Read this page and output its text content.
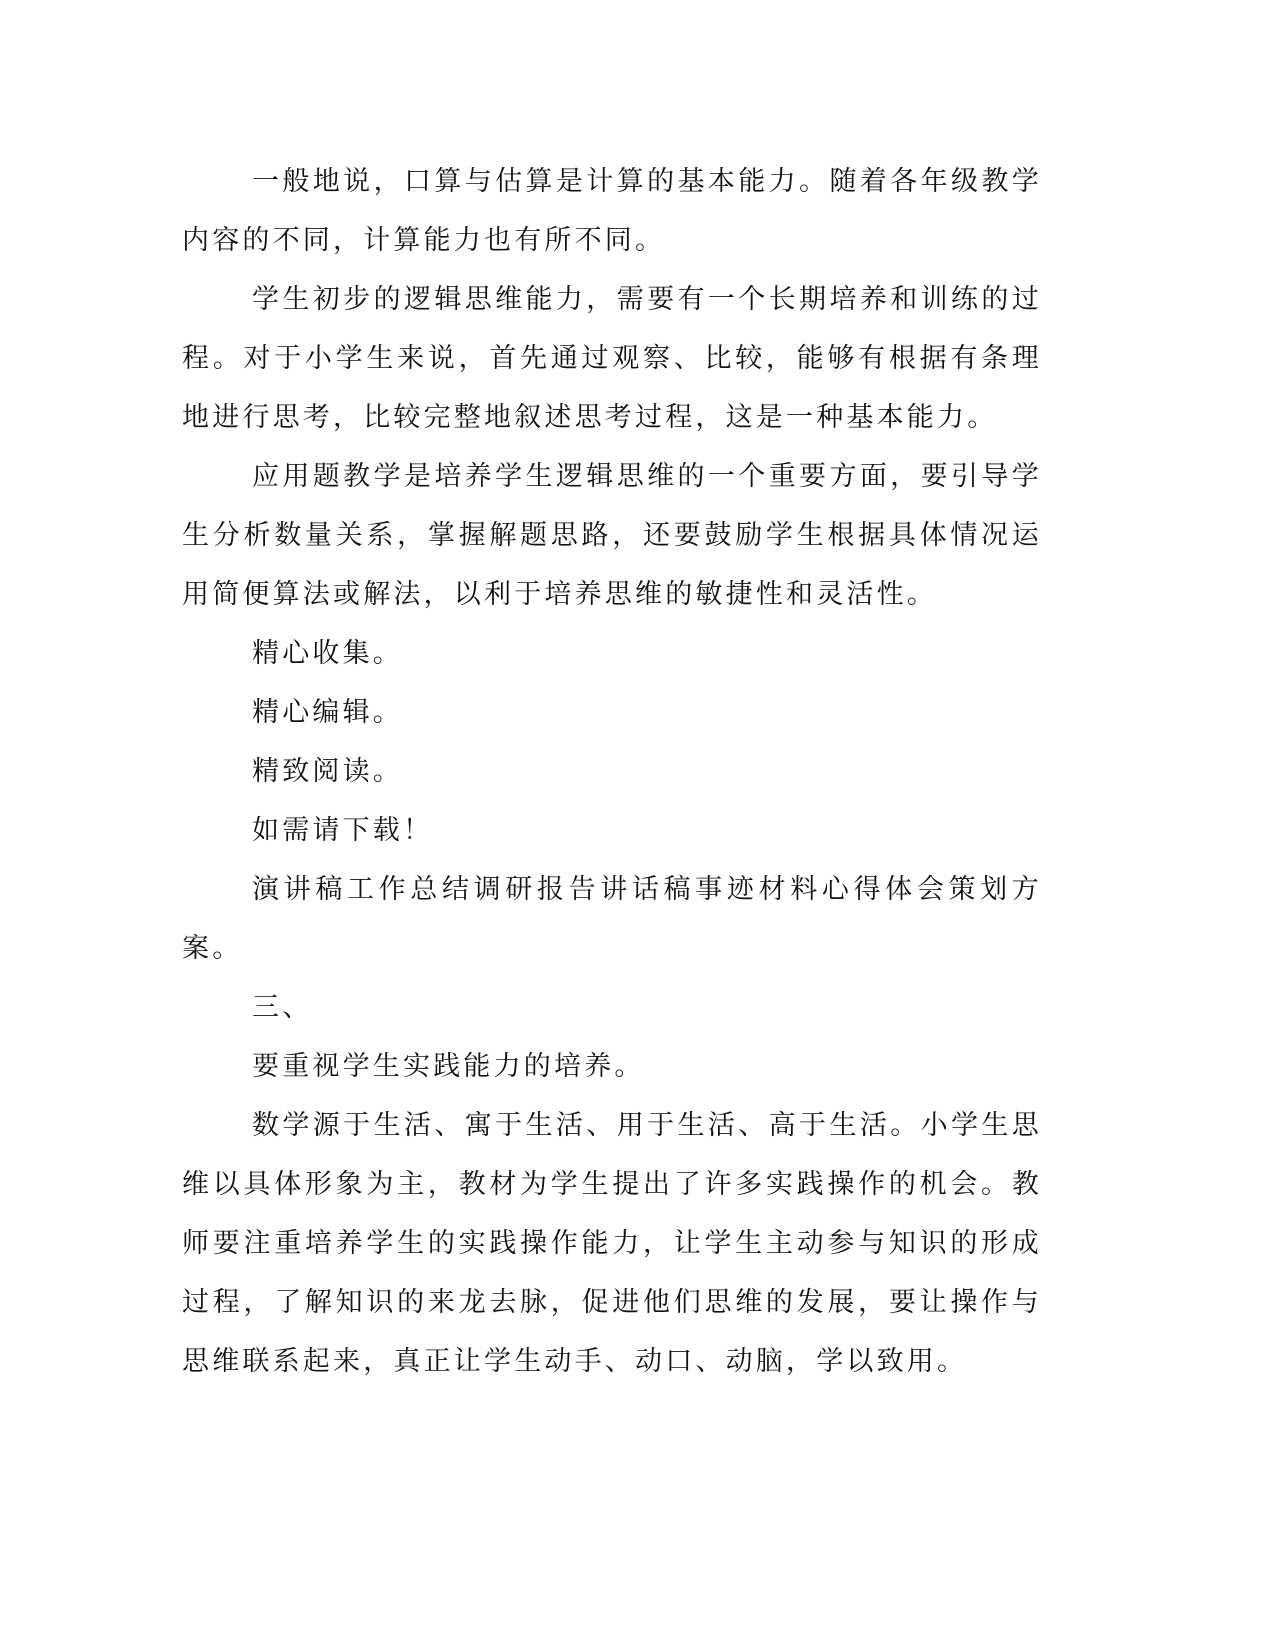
一般地说，口算与估算是计算的基本能力。随着各年级教学内容的不同，计算能力也有所不同。

学生初步的逻辑思维能力，需要有一个长期培养和训练的过程。对于小学生来说，首先通过观察、比较，能够有根据有条理地进行思考，比较完整地叙述思考过程，这是一种基本能力。

应用题教学是培养学生逻辑思维的一个重要方面，要引导学生分析数量关系，掌握解题思路，还要鼓励学生根据具体情况运用简便算法或解法，以利于培养思维的敏捷性和灵活性。

精心收集。

精心编辑。

精致阅读。

如需请下载！

演讲稿工作总结调研报告讲话稿事迹材料心得体会策划方案。

三、

要重视学生实践能力的培养。

数学源于生活、寓于生活、用于生活、高于生活。小学生思维以具体形象为主，教材为学生提出了许多实践操作的机会。教师要注重培养学生的实践操作能力，让学生主动参与知识的形成过程，了解知识的来龙去脉，促进他们思维的发展，要让操作与思维联系起来，真正让学生动手、动口、动脑，学以致用。
